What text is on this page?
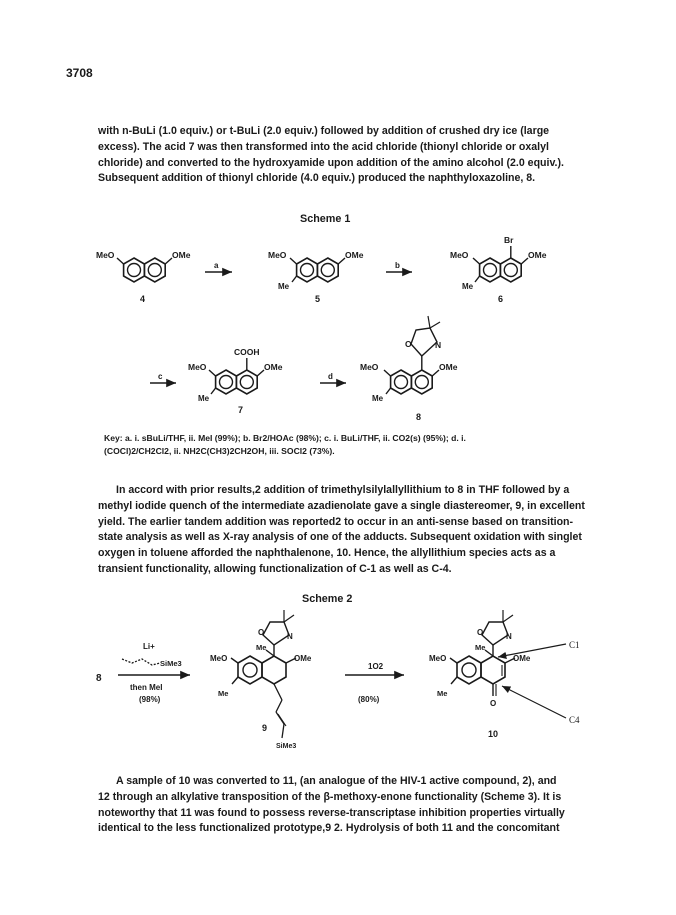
3708
with n-BuLi (1.0 equiv.) or t-BuLi (2.0 equiv.) followed by addition of crushed dry ice (large
excess). The acid 7 was then transformed into the acid chloride (thionyl chloride or oxalyl
chloride) and converted to the hydroxyamide upon addition of the amino alcohol (2.0 equiv.).
Subsequent addition of thionyl chloride (4.0 equiv.) produced the naphthyloxazoline, 8.
Scheme 1
MeO	OMe
4
a
MeO	OMe
Me
5
b
MeO	OMe
Me
Br
6
c
MeO	OMe
Me
COOH
7
d
O	N
MeO	OMe
Me
8
8
Li+
SiMe3
then MeI
(98%)
O	N
Me
OMe
MeO
Me
9
SiMe3
1O2
(80%)
O	N
Me
OMe
MeO
Me
O
10
C1
C4
Key: a. i. sBuLi/THF, ii. MeI (99%); b. Br2/HOAc (98%); c. i. BuLi/THF, ii. CO2(s) (95%); d. i.
(COCl)2/CH2Cl2, ii. NH2C(CH3)2CH2OH, iii. SOCl2 (73%).
In accord with prior results,2 addition of trimethylsilylallyllithium to 8 in THF followed by a
methyl iodide quench of the intermediate azadienolate gave a single diastereomer, 9, in excellent
yield. The earlier tandem addition was reported2 to occur in an anti-sense based on transition-
state analysis as well as X-ray analysis of one of the adducts. Subsequent oxidation with singlet
oxygen in toluene afforded the naphthalenone, 10. Hence, the allyllithium species acts as a
transient functionality, allowing functionalization of C-1 as well as C-4.
Scheme 2
A sample of 10 was converted to 11, (an analogue of the HIV-1 active compound, 2), and
12 through an alkylative transposition of the β-methoxy-enone functionality (Scheme 3). It is
noteworthy that 11 was found to possess reverse-transcriptase inhibition properties virtually
identical to the less functionalized prototype,9 2. Hydrolysis of both 11 and the concomitant
